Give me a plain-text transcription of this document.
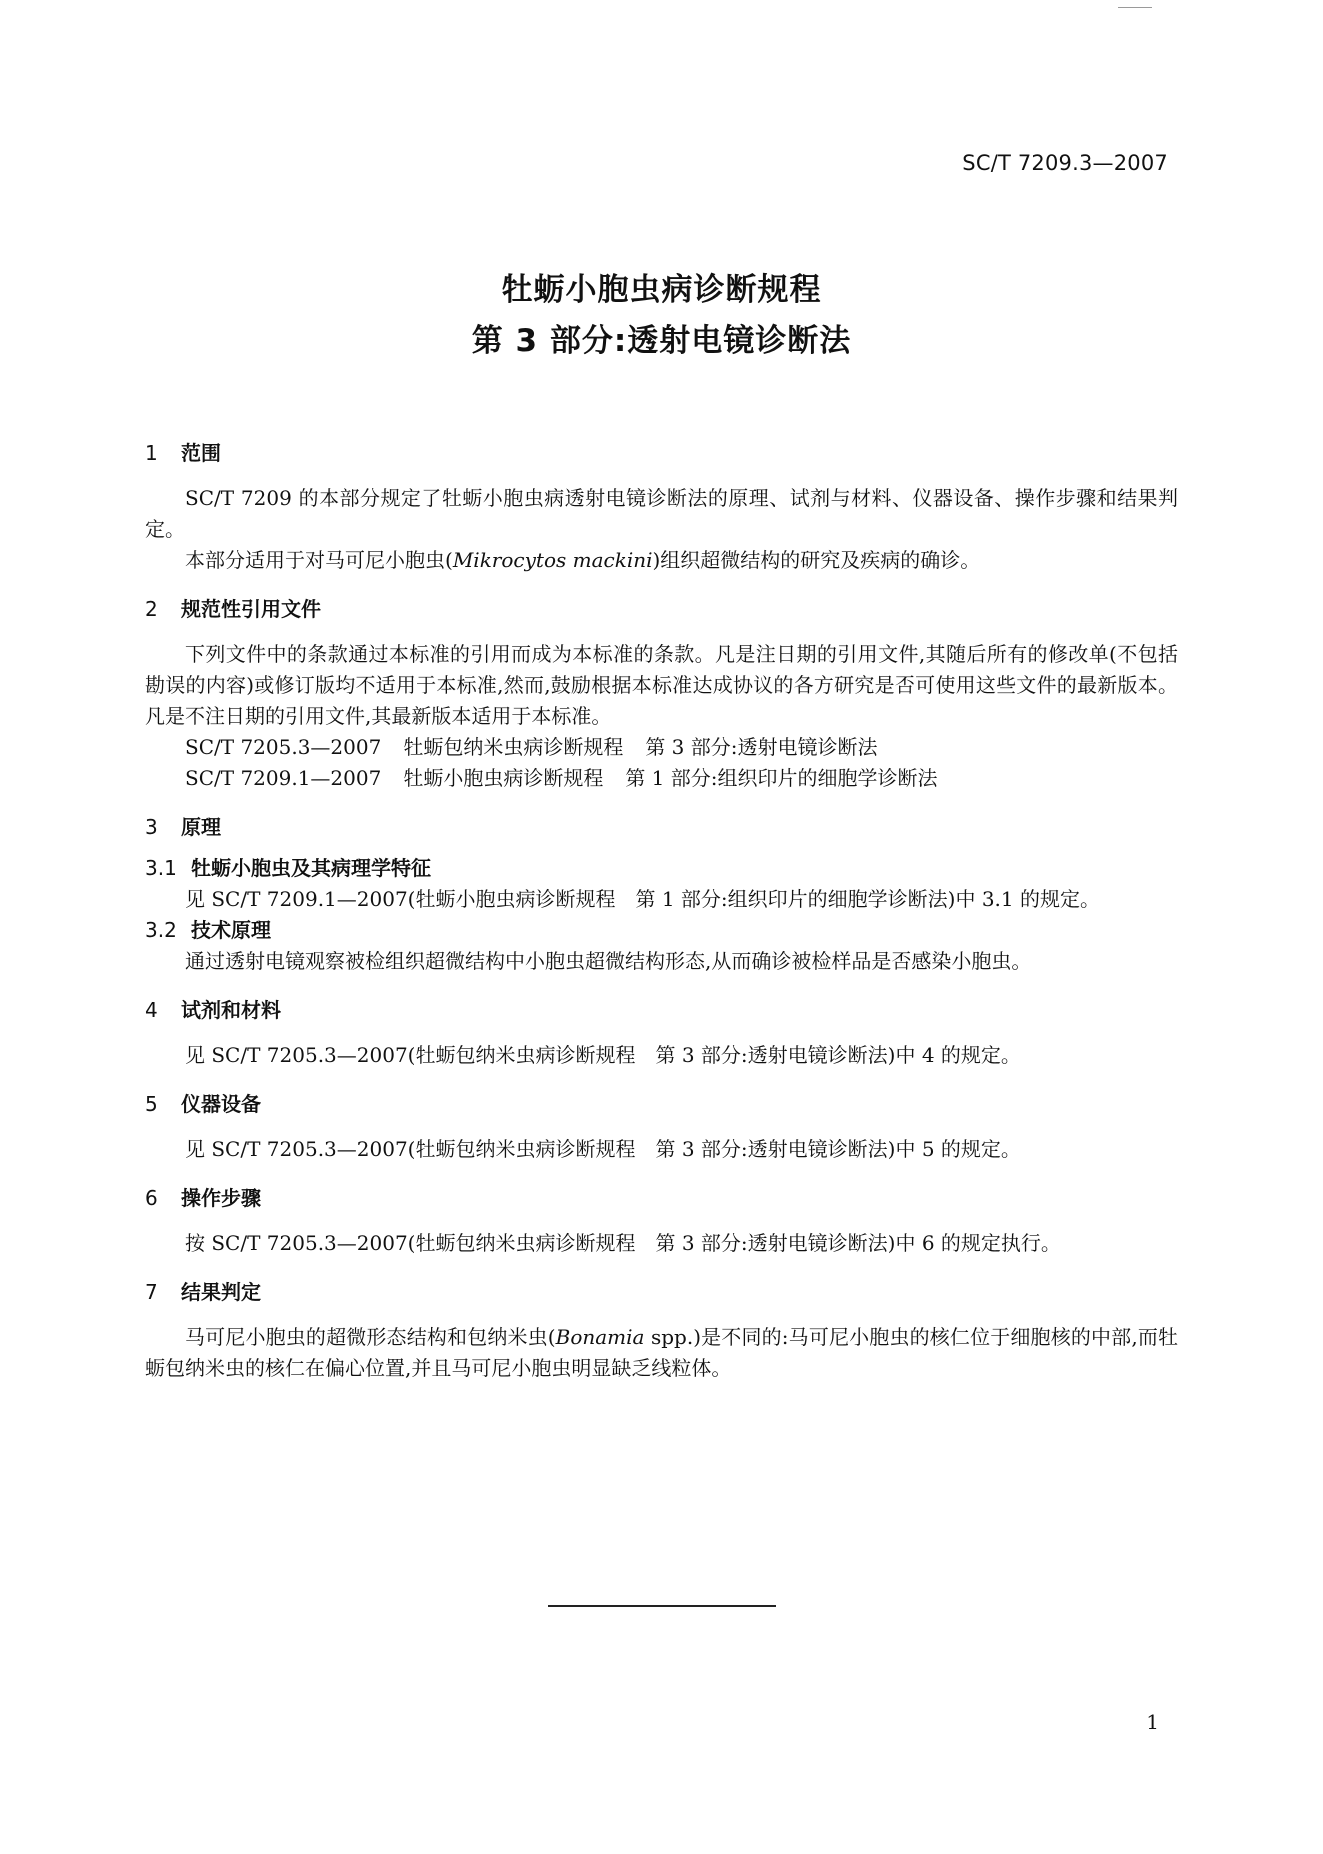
SC/T 7209.3—2007
牡蛎小胞虫病诊断规程
第 3 部分:透射电镜诊断法
1 范围

SC/T 7209 的本部分规定了牡蛎小胞虫病透射电镜诊断法的原理、试剂与材料、仪器设备、操作步骤和结果判定。

本部分适用于对马可尼小胞虫(Mikrocytos mackini)组织超微结构的研究及疾病的确诊。

2 规范性引用文件

下列文件中的条款通过本标准的引用而成为本标准的条款。凡是注日期的引用文件,其随后所有的修改单(不包括勘误的内容)或修订版均不适用于本标准,然而,鼓励根据本标准达成协议的各方研究是否可使用这些文件的最新版本。凡是不注日期的引用文件,其最新版本适用于本标准。

SC/T 7205.3—2007 牡蛎包纳米虫病诊断规程 第 3 部分:透射电镜诊断法

SC/T 7209.1—2007 牡蛎小胞虫病诊断规程 第 1 部分:组织印片的细胞学诊断法

3 原理
3.1 牡蛎小胞虫及其病理学特征

见 SC/T 7209.1—2007(牡蛎小胞虫病诊断规程　第 1 部分:组织印片的细胞学诊断法)中 3.1 的规定。

3.2 技术原理

通过透射电镜观察被检组织超微结构中小胞虫超微结构形态,从而确诊被检样品是否感染小胞虫。

4 试剂和材料

见 SC/T 7205.3—2007(牡蛎包纳米虫病诊断规程　第 3 部分:透射电镜诊断法)中 4 的规定。

5 仪器设备

见 SC/T 7205.3—2007(牡蛎包纳米虫病诊断规程　第 3 部分:透射电镜诊断法)中 5 的规定。

6 操作步骤

按 SC/T 7205.3—2007(牡蛎包纳米虫病诊断规程　第 3 部分:透射电镜诊断法)中 6 的规定执行。

7 结果判定

马可尼小胞虫的超微形态结构和包纳米虫(Bonamia spp.)是不同的:马可尼小胞虫的核仁位于细胞核的中部,而牡蛎包纳米虫的核仁在偏心位置,并且马可尼小胞虫明显缺乏线粒体。

1
